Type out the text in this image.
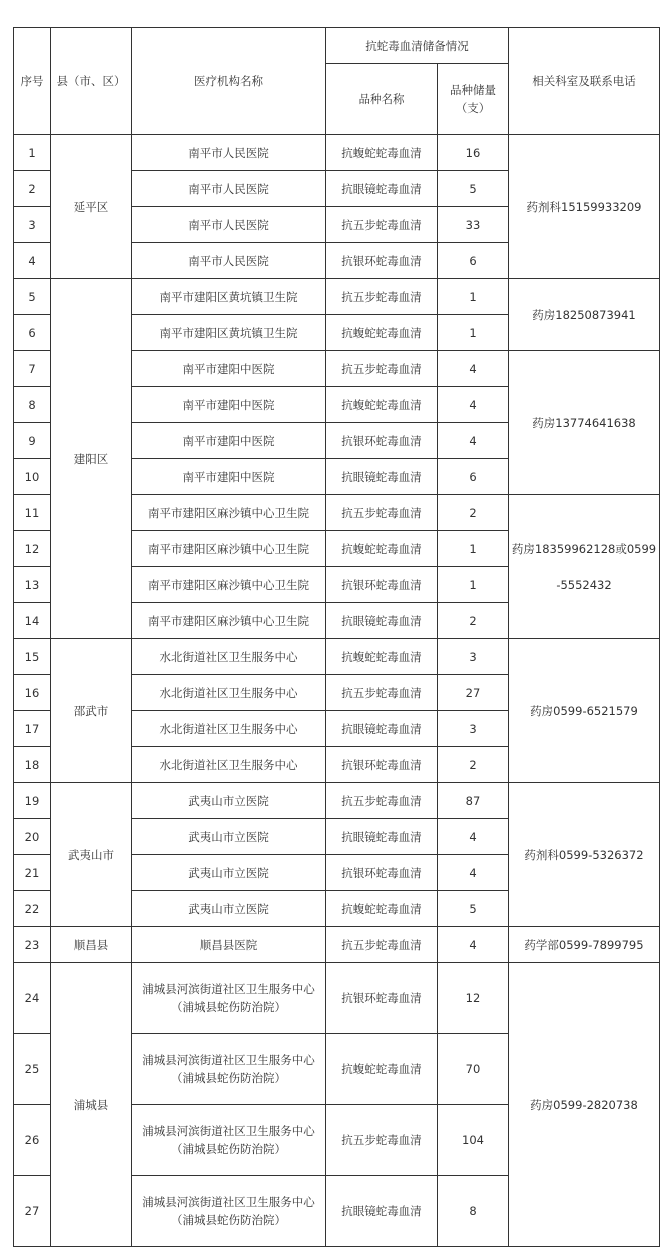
序号	县（市、区）	医疗机构名称	抗蛇毒血清储备情况		相关科室及联系电话
			品种名称	品种储量
（支）	

1	延平区	南平市人民医院	抗蝮蛇蛇毒血清	16	药剂科15159933209
2		南平市人民医院	抗眼镜蛇毒血清	5	
3		南平市人民医院	抗五步蛇毒血清	33	
4		南平市人民医院	抗银环蛇毒血清	6	
5	建阳区	南平市建阳区黄坑镇卫生院	抗五步蛇毒血清	1	药房18250873941
6		南平市建阳区黄坑镇卫生院	抗蝮蛇蛇毒血清	1	
7		南平市建阳中医院	抗五步蛇毒血清	4	药房13774641638
8		南平市建阳中医院	抗蝮蛇蛇毒血清	4	
9		南平市建阳中医院	抗银环蛇毒血清	4	
10		南平市建阳中医院	抗眼镜蛇毒血清	6	
11		南平市建阳区麻沙镇中心卫生院	抗五步蛇毒血清	2	药房18359962128或0599-5552432
12		南平市建阳区麻沙镇中心卫生院	抗蝮蛇蛇毒血清	1	
13		南平市建阳区麻沙镇中心卫生院	抗银环蛇毒血清	1	
14		南平市建阳区麻沙镇中心卫生院	抗眼镜蛇毒血清	2	
15	邵武市	水北街道社区卫生服务中心	抗蝮蛇蛇毒血清	3	药房0599-6521579
16		水北街道社区卫生服务中心	抗五步蛇毒血清	27	
17		水北街道社区卫生服务中心	抗眼镜蛇毒血清	3	
18		水北街道社区卫生服务中心	抗银环蛇毒血清	2	
19	武夷山市	武夷山市立医院	抗五步蛇毒血清	87	药剂科0599-5326372
20		武夷山市立医院	抗眼镜蛇毒血清	4	
21		武夷山市立医院	抗银环蛇毒血清	4	
22		武夷山市立医院	抗蝮蛇蛇毒血清	5	
23	顺昌县	顺昌县医院	抗五步蛇毒血清	4	药学部0599-7899795
24	浦城县	浦城县河滨街道社区卫生服务中心
（浦城县蛇伤防治院）	抗银环蛇毒血清	12	药房0599-2820738
25		浦城县河滨街道社区卫生服务中心
（浦城县蛇伤防治院）	抗蝮蛇蛇毒血清	70	
26		浦城县河滨街道社区卫生服务中心
（浦城县蛇伤防治院）	抗五步蛇毒血清	104	
27		浦城县河滨街道社区卫生服务中心
（浦城县蛇伤防治院）	抗眼镜蛇毒血清	8	
